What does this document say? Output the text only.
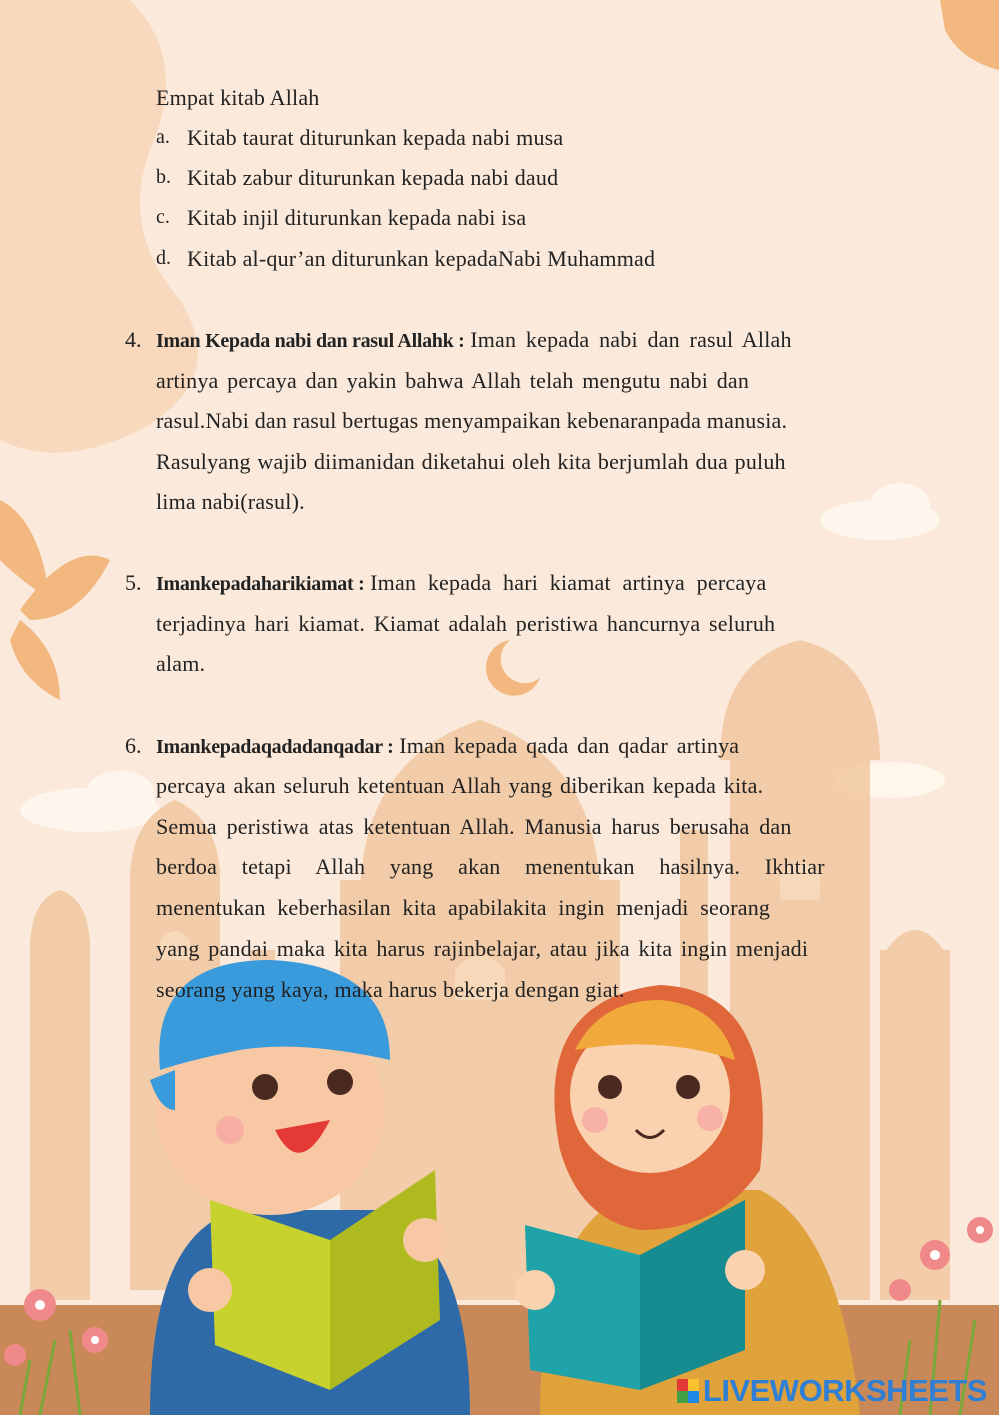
Empat kitab Allah
a. Kitab taurat diturunkan kepada nabi musa
b. Kitab zabur diturunkan kepada nabi daud
c. Kitab injil diturunkan kepada nabi isa
d. Kitab al-qur’an diturunkan kepadaNabi Muhammad
4. Iman Kepada nabi dan rasul Allahk : Iman kepada nabi dan rasul Allah
artinya percaya dan yakin bahwa Allah telah mengutu nabi dan
rasul.Nabi dan rasul bertugas menyampaikan kebenaranpada manusia.
Rasulyang wajib diimanidan diketahui oleh kita berjumlah dua puluh
lima nabi(rasul).
5. Imankepadaharikiamat : Iman kepada hari kiamat artinya percaya
terjadinya hari kiamat. Kiamat adalah peristiwa hancurnya seluruh
alam.
6. Imankepadaqadadanqadar : Iman kepada qada dan qadar artinya
percaya akan seluruh ketentuan Allah yang diberikan kepada kita.
Semua peristiwa atas ketentuan Allah. Manusia harus berusaha dan
berdoa tetapi Allah yang akan menentukan hasilnya. Ikhtiar
menentukan keberhasilan kita apabilakita ingin menjadi seorang
yang pandai maka kita harus rajinbelajar, atau jika kita ingin menjadi
seorang yang kaya, maka harus bekerja dengan giat.
LIVEWORKSHEETS
